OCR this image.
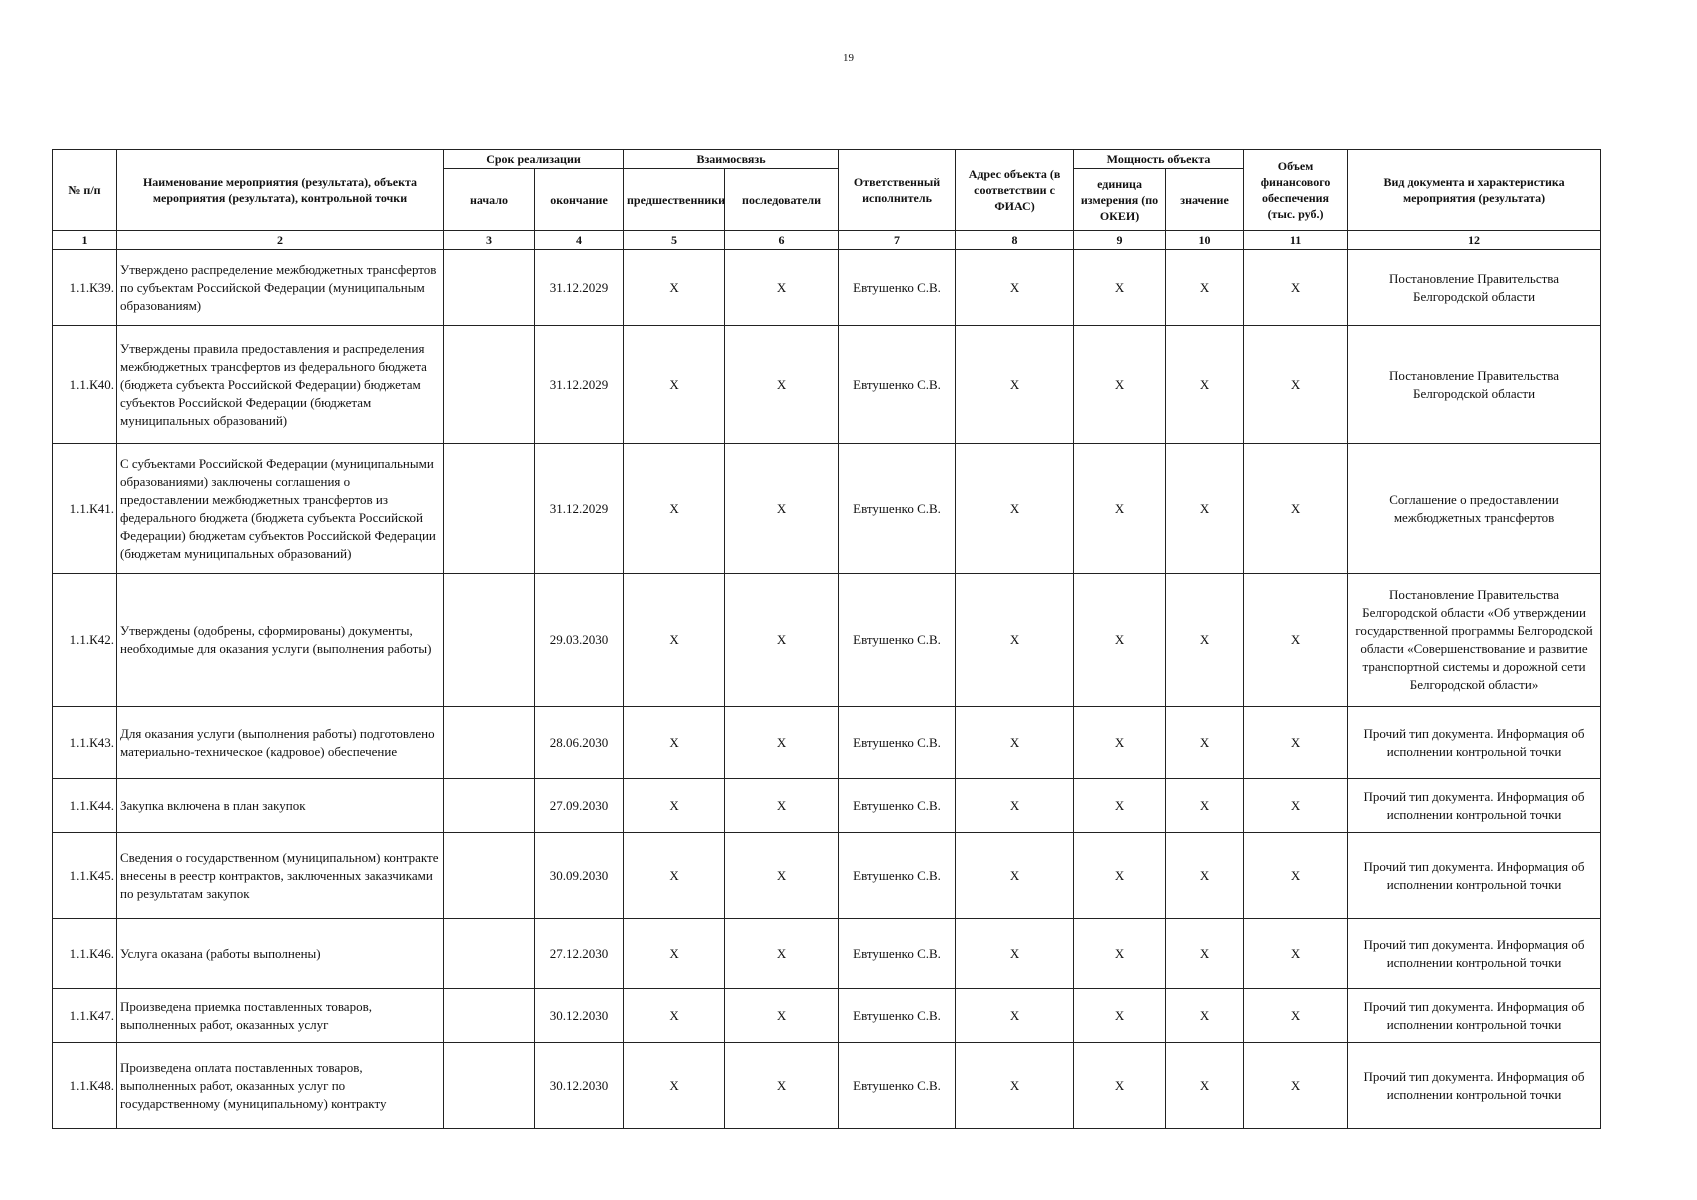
19
№ п/п	Наименование мероприятия (результата), объекта мероприятия (результата), контрольной точки	Срок реализации		Взаимосвязь		Ответственный исполнитель	Адрес объекта (в соответствии с ФИАС)	Мощность объекта		Объем финансового обеспечения (тыс. руб.)	Вид документа и характеристика мероприятия (результата)
		начало	окончание	предшественники	последователи			единица измерения (по ОКЕИ)	значение		
1	2	3	4	5	6	7	8	9	10	11	12
1.1.К39.	Утверждено распределение межбюджетных трансфертов по субъектам Российской Федерации (муниципальным образованиям)		31.12.2029	X	X	Евтушенко С.В.	X	X	X	X	Постановление Правительства Белгородской области
1.1.К40.	Утверждены правила предоставления и распределения межбюджетных трансфертов из федерального бюджета (бюджета субъекта Российской Федерации) бюджетам субъектов Российской Федерации (бюджетам муниципальных образований)		31.12.2029	X	X	Евтушенко С.В.	X	X	X	X	Постановление Правительства Белгородской области
1.1.К41.	С субъектами Российской Федерации (муниципальными образованиями) заключены соглашения о предоставлении межбюджетных трансфертов из федерального бюджета (бюджета субъекта Российской Федерации) бюджетам субъектов Российской Федерации (бюджетам муниципальных образований)		31.12.2029	X	X	Евтушенко С.В.	X	X	X	X	Соглашение о предоставлении межбюджетных трансфертов
1.1.К42.	Утверждены (одобрены, сформированы) документы, необходимые для оказания услуги (выполнения работы)		29.03.2030	X	X	Евтушенко С.В.	X	X	X	X	Постановление Правительства Белгородской области «Об утверждении государственной программы Белгородской области «Совершенствование и развитие транспортной системы и дорожной сети Белгородской области»
1.1.К43.	Для оказания услуги (выполнения работы) подготовлено материально-техническое (кадровое) обеспечение		28.06.2030	X	X	Евтушенко С.В.	X	X	X	X	Прочий тип документа. Информация об исполнении контрольной точки
1.1.К44.	Закупка включена в план закупок		27.09.2030	X	X	Евтушенко С.В.	X	X	X	X	Прочий тип документа. Информация об исполнении контрольной точки
1.1.К45.	Сведения о государственном (муниципальном) контракте внесены в реестр контрактов, заключенных заказчиками по результатам закупок		30.09.2030	X	X	Евтушенко С.В.	X	X	X	X	Прочий тип документа. Информация об исполнении контрольной точки
1.1.К46.	Услуга оказана (работы выполнены)		27.12.2030	X	X	Евтушенко С.В.	X	X	X	X	Прочий тип документа. Информация об исполнении контрольной точки
1.1.К47.	Произведена приемка поставленных товаров, выполненных работ, оказанных услуг		30.12.2030	X	X	Евтушенко С.В.	X	X	X	X	Прочий тип документа. Информация об исполнении контрольной точки
1.1.К48.	Произведена оплата поставленных товаров, выполненных работ, оказанных услуг по государственному (муниципальному) контракту		30.12.2030	X	X	Евтушенко С.В.	X	X	X	X	Прочий тип документа. Информация об исполнении контрольной точки
